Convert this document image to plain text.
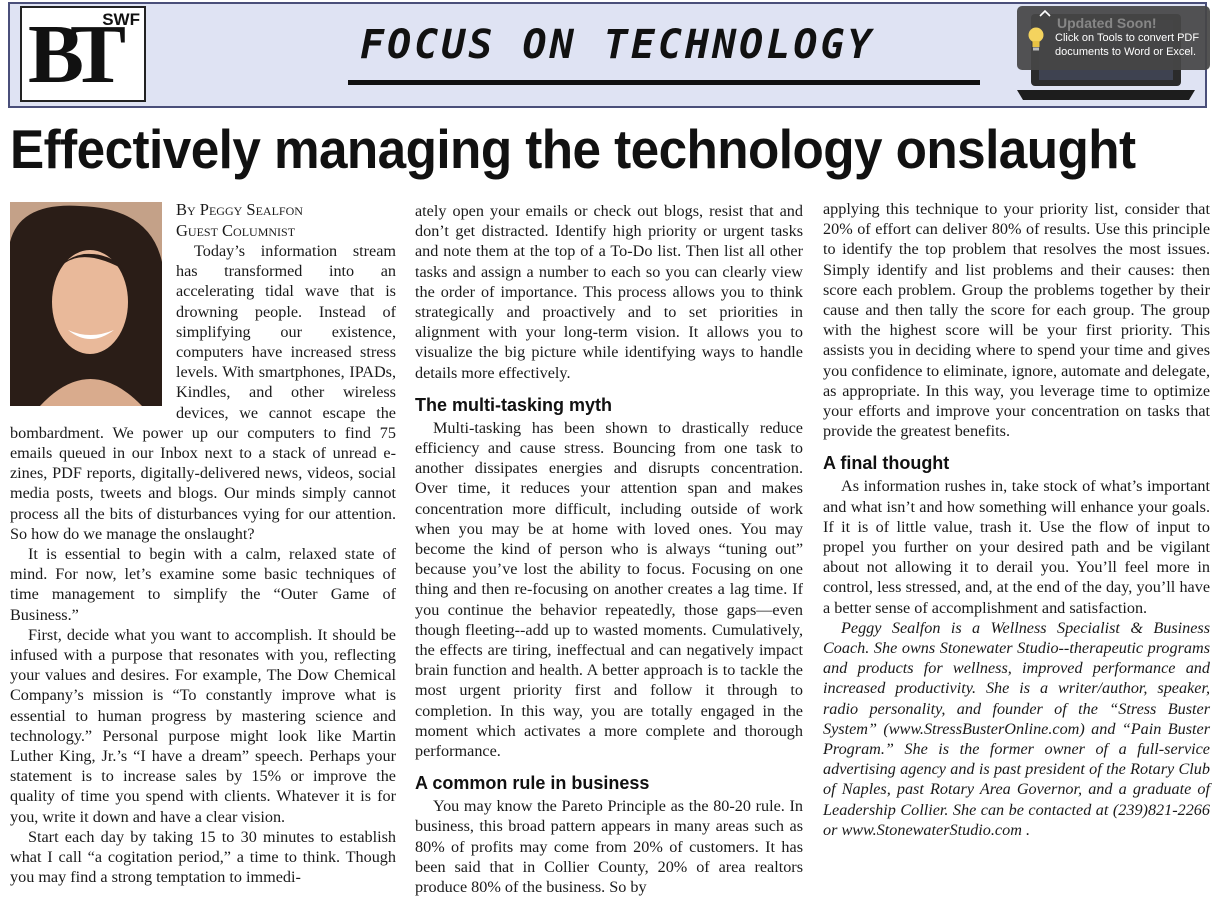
BT
SWF
FOCUS ON TECHNOLOGY	Updated Soon!
Click on Tools to convert PDF documents to Word or Excel.
Effectively managing the technology onslaught

By Peggy Sealfon

Guest Columnist

Today’s information stream has transformed into an accelerating tidal wave that is drowning people. Instead of simplifying our existence, computers have increased stress levels. With smartphones, IPADs, Kindles, and other wireless devices, we cannot escape the bombardment. We power up our computers to find 75 emails queued in our Inbox next to a stack of unread e-zines, PDF reports, digitally-delivered news, videos, social media posts, tweets and blogs. Our minds simply cannot process all the bits of disturbances vying for our attention. So how do we manage the onslaught?

It is essential to begin with a calm, relaxed state of mind. For now, let’s examine some basic techniques of time management to simplify the “Outer Game of Business.”

First, decide what you want to accomplish. It should be infused with a purpose that resonates with you, reflecting your values and desires. For example, The Dow Chemical Company’s mission is “To constantly improve what is essential to human progress by mastering science and technology.” Personal purpose might look like Martin Luther King, Jr.’s “I have a dream” speech. Perhaps your statement is to increase sales by 15% or improve the quality of time you spend with clients. Whatever it is for you, write it down and have a clear vision.

Start each day by taking 15 to 30 minutes to establish what I call “a cogitation period,” a time to think. Though you may find a strong temptation to immedi-

ately open your emails or check out blogs, resist that and don’t get distracted. Identify high priority or urgent tasks and note them at the top of a To-Do list. Then list all other tasks and assign a number to each so you can clearly view the order of importance. This process allows you to think strategically and proactively and to set priorities in alignment with your long-term vision. It allows you to visualize the big picture while identifying ways to handle details more effectively.

The multi-tasking myth

Multi-tasking has been shown to drastically reduce efficiency and cause stress. Bouncing from one task to another dissipates energies and disrupts concentration. Over time, it reduces your attention span and makes concentration more difficult, including outside of work when you may be at home with loved ones. You may become the kind of person who is always “tuning out” because you’ve lost the ability to focus. Focusing on one thing and then re-focusing on another creates a lag time. If you continue the behavior repeatedly, those gaps—even though fleeting--add up to wasted moments. Cumulatively, the effects are tiring, ineffectual and can negatively impact brain function and health. A better approach is to tackle the most urgent priority first and follow it through to completion. In this way, you are totally engaged in the moment which activates a more complete and thorough performance.

A common rule in business

You may know the Pareto Principle as the 80-20 rule. In business, this broad pattern appears in many areas such as 80% of profits may come from 20% of customers. It has been said that in Collier County, 20% of area realtors produce 80% of the business. So by

applying this technique to your priority list, consider that 20% of effort can deliver 80% of results. Use this principle to identify the top problem that resolves the most issues. Simply identify and list problems and their causes: then score each problem. Group the problems together by their cause and then tally the score for each group. The group with the highest score will be your first priority. This assists you in deciding where to spend your time and gives you confidence to eliminate, ignore, automate and delegate, as appropriate. In this way, you leverage time to optimize your efforts and improve your concentration on tasks that provide the greatest benefits.

A final thought

As information rushes in, take stock of what’s important and what isn’t and how something will enhance your goals. If it is of little value, trash it. Use the flow of input to propel you further on your desired path and be vigilant about not allowing it to derail you. You’ll feel more in control, less stressed, and, at the end of the day, you’ll have a better sense of accomplishment and satisfaction.

Peggy Sealfon is a Wellness Specialist & Business Coach. She owns Stonewater Studio--therapeutic programs and products for wellness, improved performance and increased productivity. She is a writer/author, speaker, radio personality, and founder of the “Stress Buster System” (www.StressBusterOnline.com) and “Pain Buster Program.” She is the former owner of a full-service advertising agency and is past president of the Rotary Club of Naples, past Rotary Area Governor, and a graduate of Leadership Collier. She can be contacted at (239)821-2266 or www.StonewaterStudio.com .
